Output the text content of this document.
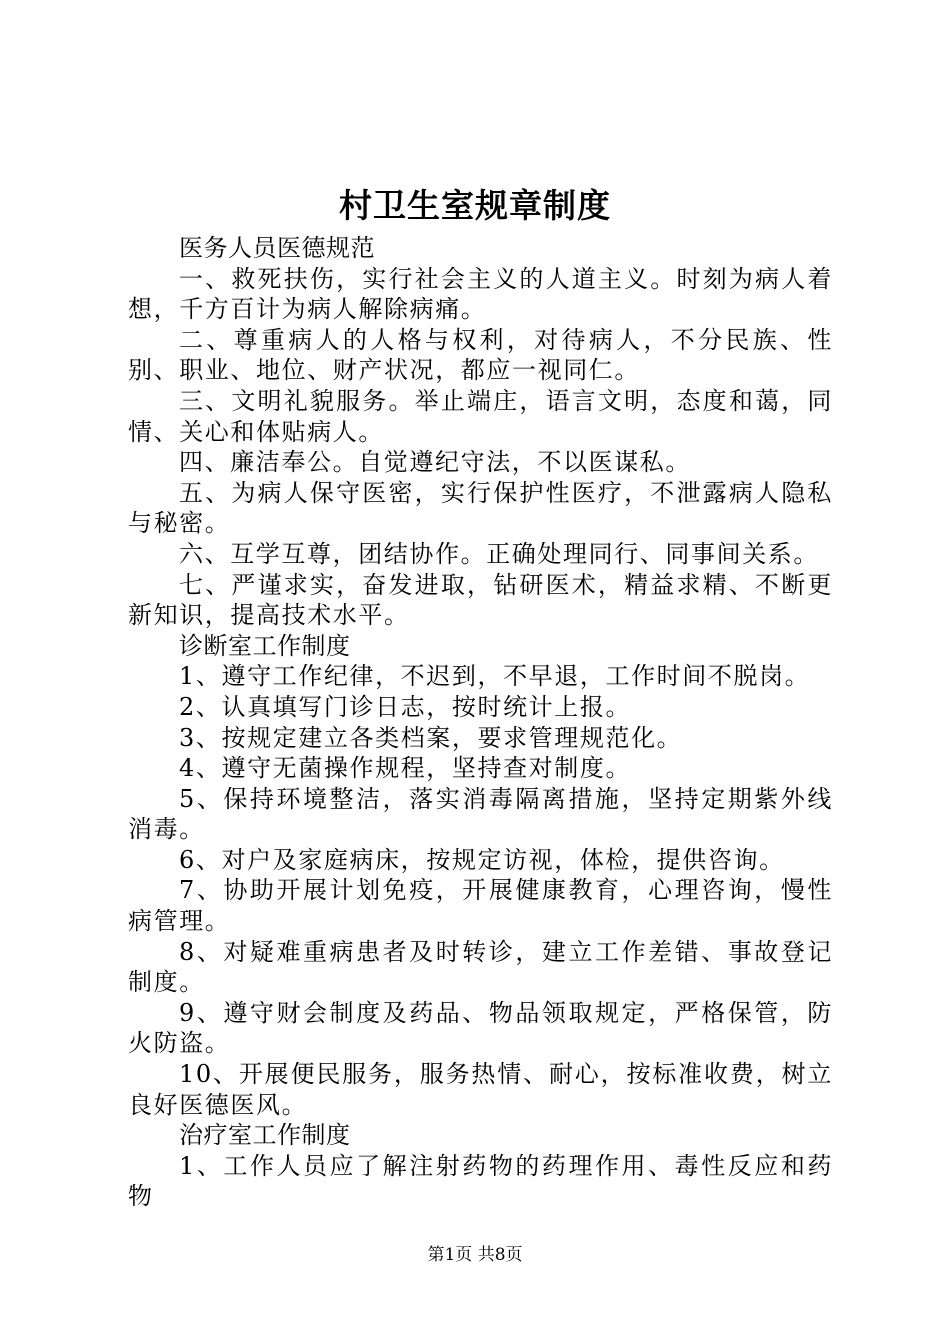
村卫生室规章制度

医务人员医德规范

一、救死扶伤，实行社会主义的人道主义。时刻为病人着想，千方百计为病人解除病痛。

二、尊重病人的人格与权利，对待病人，不分民族、性别、职业、地位、财产状况，都应一视同仁。

三、文明礼貌服务。举止端庄，语言文明，态度和蔼，同情、关心和体贴病人。

四、廉洁奉公。自觉遵纪守法，不以医谋私。

五、为病人保守医密，实行保护性医疗，不泄露病人隐私与秘密。

六、互学互尊，团结协作。正确处理同行、同事间关系。

七、严谨求实，奋发进取，钻研医术，精益求精、不断更新知识，提高技术水平。

诊断室工作制度

1、遵守工作纪律，不迟到，不早退，工作时间不脱岗。

2、认真填写门诊日志，按时统计上报。

3、按规定建立各类档案，要求管理规范化。

4、遵守无菌操作规程，坚持查对制度。

5、保持环境整洁，落实消毒隔离措施，坚持定期紫外线消毒。

6、对户及家庭病床，按规定访视，体检，提供咨询。

7、协助开展计划免疫，开展健康教育，心理咨询，慢性病管理。

8、对疑难重病患者及时转诊，建立工作差错、事故登记制度。

9、遵守财会制度及药品、物品领取规定，严格保管，防火防盗。

10、开展便民服务，服务热情、耐心，按标准收费，树立良好医德医风。

治疗室工作制度

1、工作人员应了解注射药物的药理作用、毒性反应和药物

第1页 共8页
